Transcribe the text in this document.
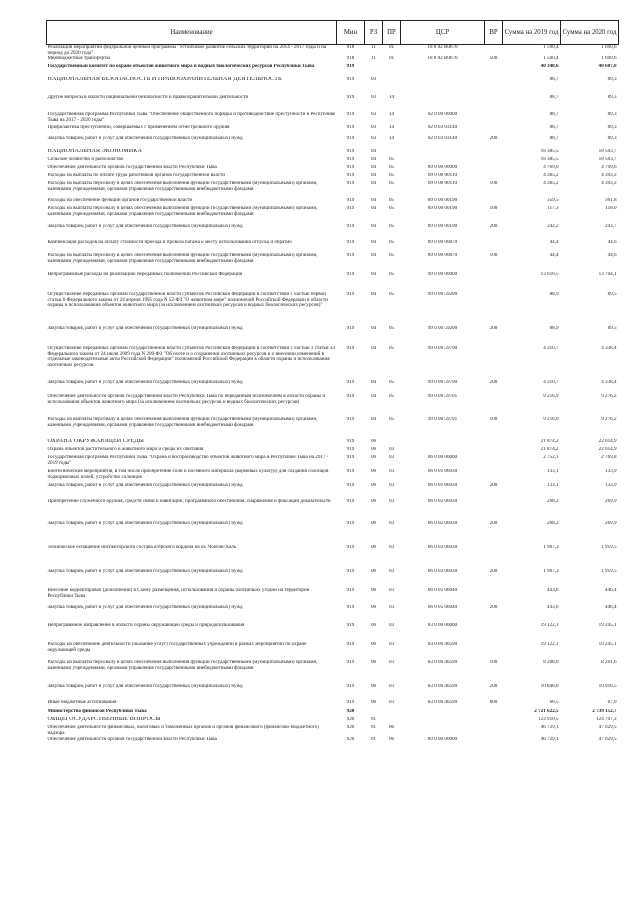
Наименование	Мин	РЗ	ПР	ЦСР	ВР	Сумма на 2019 год	Сумма на 2020 год
Реализация мероприятий федеральной целевой программы "Устойчивое развитие сельских территорий на 2014 - 2017 годы и на период до 2020 года"	918	11	01	18 8 02 R0670		1 590,4	1 690,6
Межбюджетные трансферты	918	11	01	18 8 02 R0670	500	1 590,4	1 690,6
Государственный комитет по охране объектов животного мира и водных биологических ресурсов Республики Тыва	919					40 348,6	40 607,8
НАЦИОНАЛЬНАЯ БЕЗОПАСНОСТЬ И ПРАВООХРАНИТЕЛЬНАЯ ДЕЯТЕЛЬНОСТЬ	919	03				88,7	89,3
Другие вопросы в области национальной безопасности и правоохранительной деятельности	919	03	14			88,7	89,3
Государственная программа Республики Тыва "Обеспечение общественного порядка и противодействие преступности в Республике Тыва на 2017 - 2020 годы"	919	03	14	02 0 00 00000		88,7	89,3
Профилактика преступлений, совершаемых с применением огнестрельного оружия	919	03	14	02 0 03 03140		88,7	89,3
Закупка товаров, работ и услуг для обеспечения государственных (муниципальных) нужд	919	03	14	02 0 03 03140	200	88,7	89,3
НАЦИОНАЛЬНАЯ ЭКОНОМИКА	919	04				18 385,5	18 503,7
Сельское хозяйство и рыболовство	919	04	05			18 385,5	18 503,7
Обеспечение деятельности органов государственной власти Республики Тыва	919	04	05	89 0 00 00000		4 769,0	4 799,6
Расходы на выплаты по оплате труда работников органов государственной власти	919	04	05	89 0 00 00110		4 365,2	4 393,2
Расходы на выплаты персоналу в целях обеспечения выполнения функций государственными (муниципальными) органами, казенными учреждениями, органами управления государственными внебюджетными фондами	919	04	05	89 0 00 00110	100	4 365,2	4 393,2
Расходы на обеспечение функций органов государственной власти	919	04	05	89 0 00 00190		359,5	361,8
Расходы на выплаты персоналу в целях обеспечения выполнения функций государственными (муниципальными) органами, казенными учреждениями, органами управления государственными внебюджетными фондами	919	04	05	89 0 00 00190	100	117,3	118,0
Закупка товаров, работ и услуг для обеспечения государственных (муниципальных) нужд	919	04	05	89 0 00 00190	200	242,2	243,7
Компенсация расходов на оплату стоимости проезда и провоза багажа к месту использования отпуска и обратно	919	04	05	89 0 00 00870		44,4	44,6
Расходы на выплаты персоналу в целях обеспечения выполнения функций государственными (муниципальными) органами, казенными учреждениями, органами управления государственными внебюджетными фондами	919	04	05	89 0 00 00870	100	44,4	44,6
Непрограммные расходы на реализацию переданных полномочий Российской Федерации	919	04	05	99 0 00 00000		13 616,5	13 704,1
Осуществление переданных органам государственной власти субъектов Российской Федерации в соответствии с частью первой статьи 6 Федерального закона от 24 апреля 1995 года N 52-ФЗ "О животном мире" полномочий Российской Федерации в области охраны и использования объектов животного мира (за исключением охотничьих ресурсов и водных биологических ресурсов)"	919	04	05	99 0 00 59200		88,9	89,5
Закупка товаров, работ и услуг для обеспечения государственных (муниципальных) нужд	919	04	05	99 0 00 59200	200	88,9	89,5
Осуществление переданных органам государственной власти субъектов Российской Федерации в соответствии с частью 1 статьи 33 Федерального закона от 24 июля 2009 года N 209-ФЗ "Об охоте и о сохранении охотничьих ресурсов и о внесении изменений в отдельные законодательные акты Российской Федерации" полномочий Российской Федерации в области охраны и использования охотничьих ресурсов	919	04	05	99 0 00 59700		4 310,7	4 338,4
Закупка товаров, работ и услуг для обеспечения государственных (муниципальных) нужд	919	04	05	99 0 00 59700	200	4 310,7	4 338,4
Обеспечение деятельности органов государственной власти Республики Тыва по переданным полномочиям в области охраны и использования объектов животного мира (за исключением охотничьих ресурсов и водных биологических ресурсов)	919	04	05	99 0 00 59701		9 216,9	9 276,2
Расходы на выплаты персоналу в целях обеспечения выполнения функций государственными (муниципальными) органами, казенными учреждениями, органами управления государственными внебюджетными фондами	919	04	05	99 0 00 59701	100	9 216,9	9 276,2
ОХРАНА ОКРУЖАЮЩЕЙ СРЕДЫ	919	06				21 874,2	22 014,9
Охрана объектов растительного и животного мира и среды их обитания	919	06	03			21 874,2	22 014,9
Государственная программа Республики Тыва "Охрана и воспроизводство объектов животного мира в Республике Тыва на 2017 - 2019 годы"	919	06	03	06 0 00 00000		2 752,1	2 769,8
Биотехнические мероприятия, в том числе приобретение соли и посевного материала (кормовых культур) для создания солонцов подкормочных полей, устройство солонцов	919	06	03	06 0 01 06030		133,1	133,9
Закупка товаров, работ и услуг для обеспечения государственных (муниципальных) нужд	919	06	03	06 0 01 06030	200	133,1	133,9
Приобретение служебного оружия, средств связи и навигации, программного обеспечения, снаряжения и фиксации доказательств	919	06	03	06 0 02 06030		268,2	269,9
Закупка товаров, работ и услуг для обеспечения государственных (муниципальных) нужд	919	06	03	06 0 02 06030	200	268,2	269,9
Техническое оснащение инспекторского состава егерского кордона на оз. Чойган-Холь	919	06	03	06 0 03 06030		1 907,3	1 919,5
Закупка товаров, работ и услуг для обеспечения государственных (муниципальных) нужд	919	06	03	06 0 03 06030	200	1 907,3	1 919,5
Внесение корректировок (дополнений) в Схему размещения, использования и охраны охотничьих угодий на территории Республики Тыва	919	06	03	06 0 05 06040		443,6	446,4
Закупка товаров, работ и услуг для обеспечения государственных (муниципальных) нужд	919	06	03	06 0 05 06040	200	443,6	446,4
Непрограммное направление в области охраны окружающей среды и природопользования	919	06	03	83 0 00 00000		19 122,1	19 245,1
Расходы на обеспечение деятельности (оказание услуг) государственных учреждений в рамках мероприятий по охране окружающей среды	919	06	03	83 0 00 40590		19 122,1	19 245,1
Расходы на выплаты персоналу в целях обеспечения выполнения функций государственными (муниципальными) органами, казенными учреждениями, органами управления государственными внебюджетными фондами	919	06	03	83 0 00 40590	100	8 208,8	8 261,6
Закупка товаров, работ и услуг для обеспечения государственных (муниципальных) нужд	919	06	03	83 0 00 40590	200	10 846,8	10 916,5
Иные бюджетные ассигнования	919	06	03	83 0 00 40590	800	66,5	67,0
Министерство финансов Республики Тыва	920					2 721 622,5	2 739 152,7
ОБЩЕГОСУДАРСТВЕННЫЕ ВОПРОСЫ	920	01				123 910,5	124 707,2
Обеспечение деятельности финансовых, налоговых и таможенных органов и органов финансового (финансово-бюджетного) надзора	920	01	06			46 729,1	47 029,5
Обеспечение деятельности органов государственной власти Республики Тыва	920	01	06	89 0 00 00000		46 729,1	47 029,5
